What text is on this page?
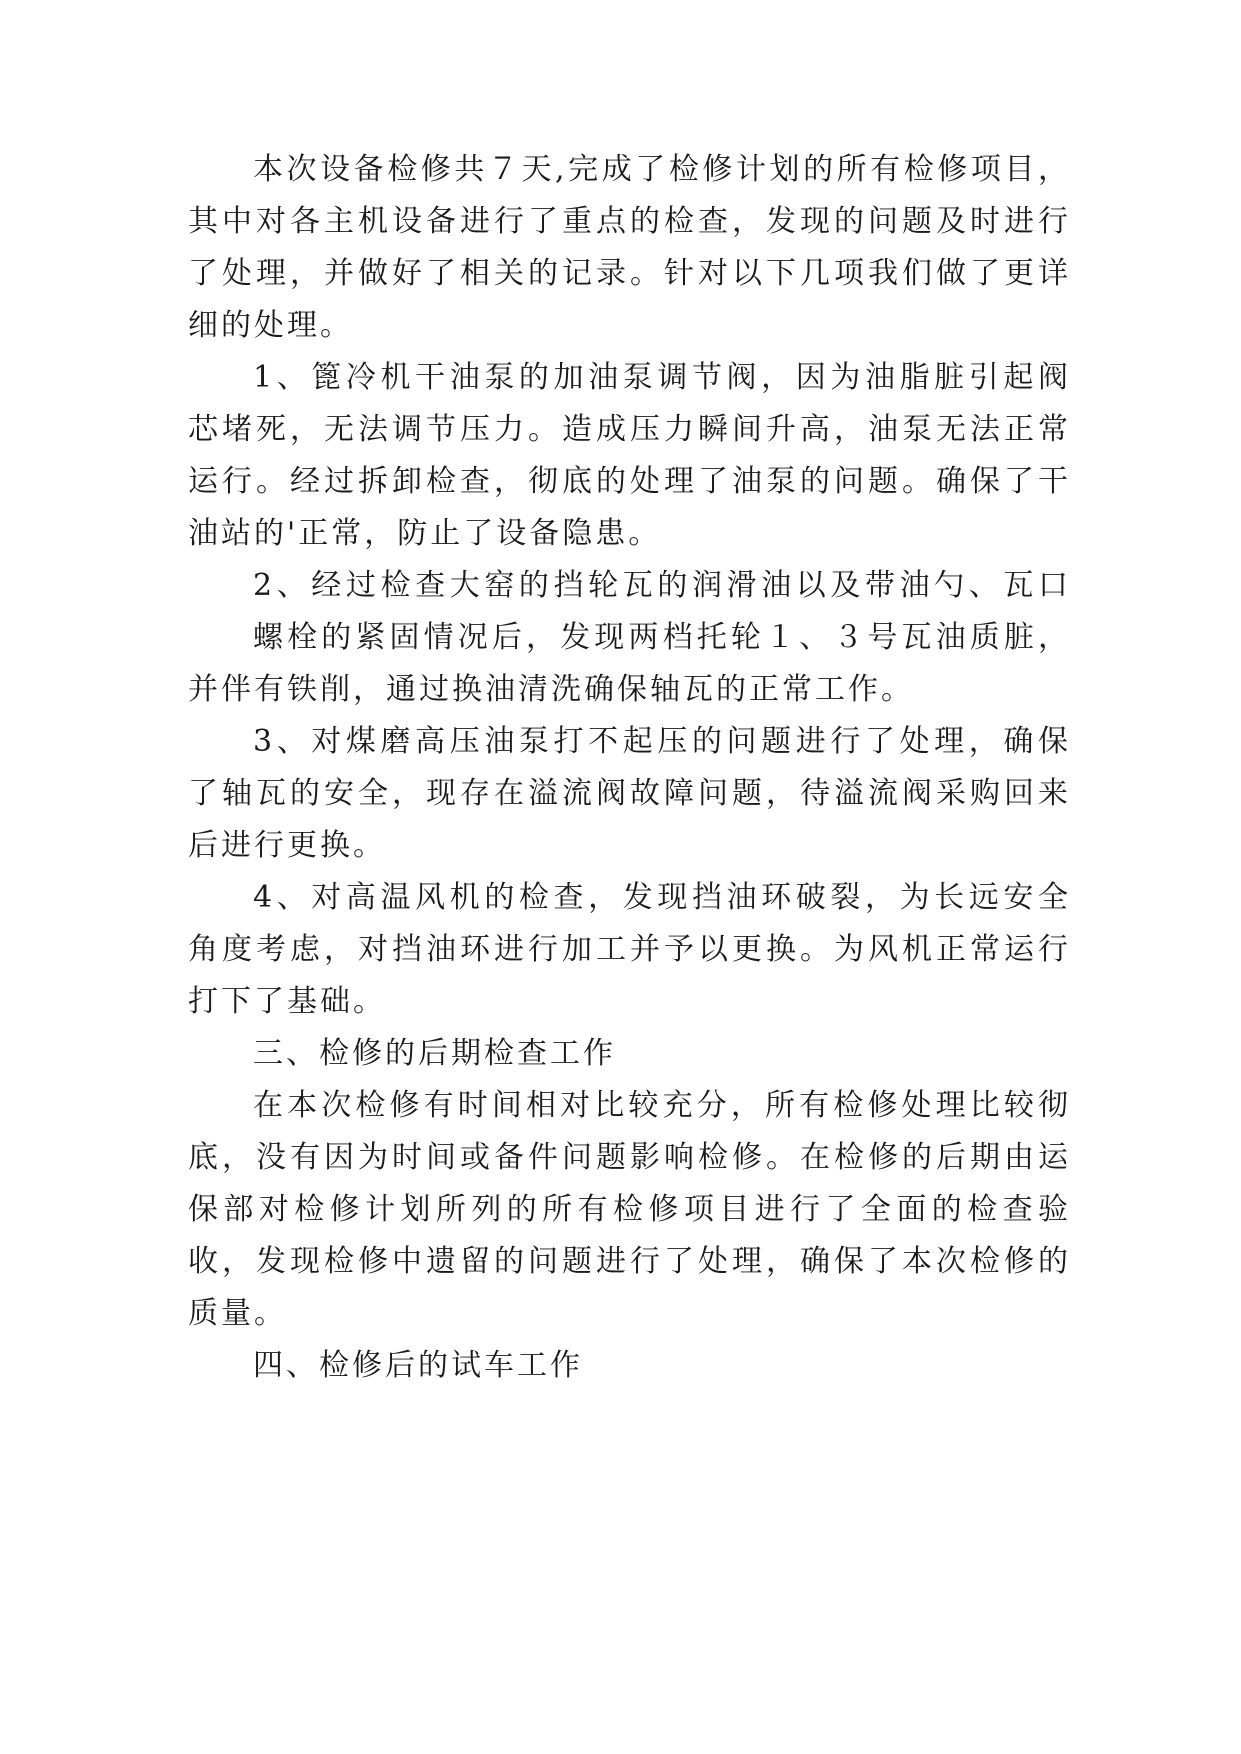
本次设备检修共７天,完成了检修计划的所有检修项目，

其中对各主机设备进行了重点的检查，发现的问题及时进行

了处理，并做好了相关的记录。针对以下几项我们做了更详

细的处理。

1、篦冷机干油泵的加油泵调节阀，因为油脂脏引起阀

芯堵死，无法调节压力。造成压力瞬间升高，油泵无法正常

运行。经过拆卸检查，彻底的处理了油泵的问题。确保了干

油站的'正常，防止了设备隐患。

2、经过检查大窑的挡轮瓦的润滑油以及带油勺、瓦口

螺栓的紧固情况后，发现两档托轮１、３号瓦油质脏，

并伴有铁削，通过换油清洗确保轴瓦的正常工作。

3、对煤磨高压油泵打不起压的问题进行了处理，确保

了轴瓦的安全，现存在溢流阀故障问题，待溢流阀采购回来

后进行更换。

4、对高温风机的检查，发现挡油环破裂，为长远安全

角度考虑，对挡油环进行加工并予以更换。为风机正常运行

打下了基础。

三、检修的后期检查工作

在本次检修有时间相对比较充分，所有检修处理比较彻

底，没有因为时间或备件问题影响检修。在检修的后期由运

保部对检修计划所列的所有检修项目进行了全面的检查验

收，发现检修中遗留的问题进行了处理，确保了本次检修的

质量。

四、检修后的试车工作
